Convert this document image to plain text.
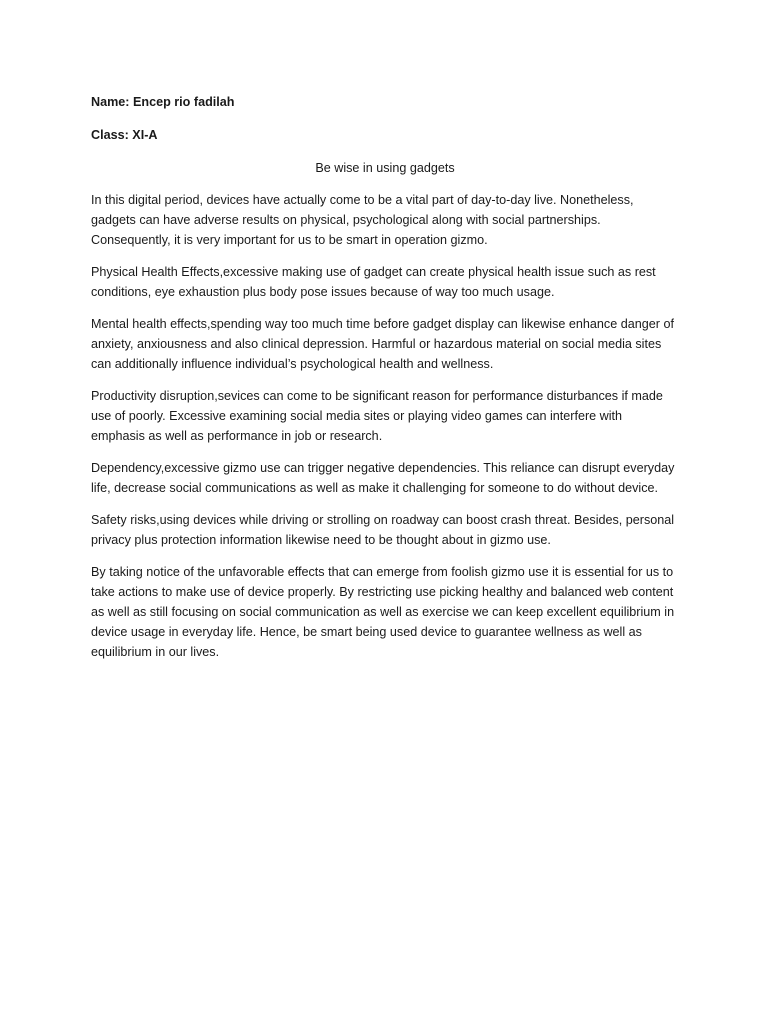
Name: Encep rio fadilah

Class: XI-A

Be wise in using gadgets

In this digital period, devices have actually come to be a vital part of day-to-day live. Nonetheless, gadgets can have adverse results on physical, psychological along with social partnerships. Consequently, it is very important for us to be smart in operation gizmo.

Physical Health Effects,excessive making use of gadget can create physical health issue such as rest conditions, eye exhaustion plus body pose issues because of way too much usage.

Mental health effects,spending way too much time before gadget display can likewise enhance danger of anxiety, anxiousness and also clinical depression. Harmful or hazardous material on social media sites can additionally influence individual’s psychological health and wellness.

Productivity disruption,sevices can come to be significant reason for performance disturbances if made use of poorly. Excessive examining social media sites or playing video games can interfere with emphasis as well as performance in job or research.

Dependency,excessive gizmo use can trigger negative dependencies. This reliance can disrupt everyday life, decrease social communications as well as make it challenging for someone to do without device.

Safety risks,using devices while driving or strolling on roadway can boost crash threat. Besides, personal privacy plus protection information likewise need to be thought about in gizmo use.

By taking notice of the unfavorable effects that can emerge from foolish gizmo use it is essential for us to take actions to make use of device properly. By restricting use picking healthy and balanced web content as well as still focusing on social communication as well as exercise we can keep excellent equilibrium in device usage in everyday life. Hence, be smart being used device to guarantee wellness as well as equilibrium in our lives.
